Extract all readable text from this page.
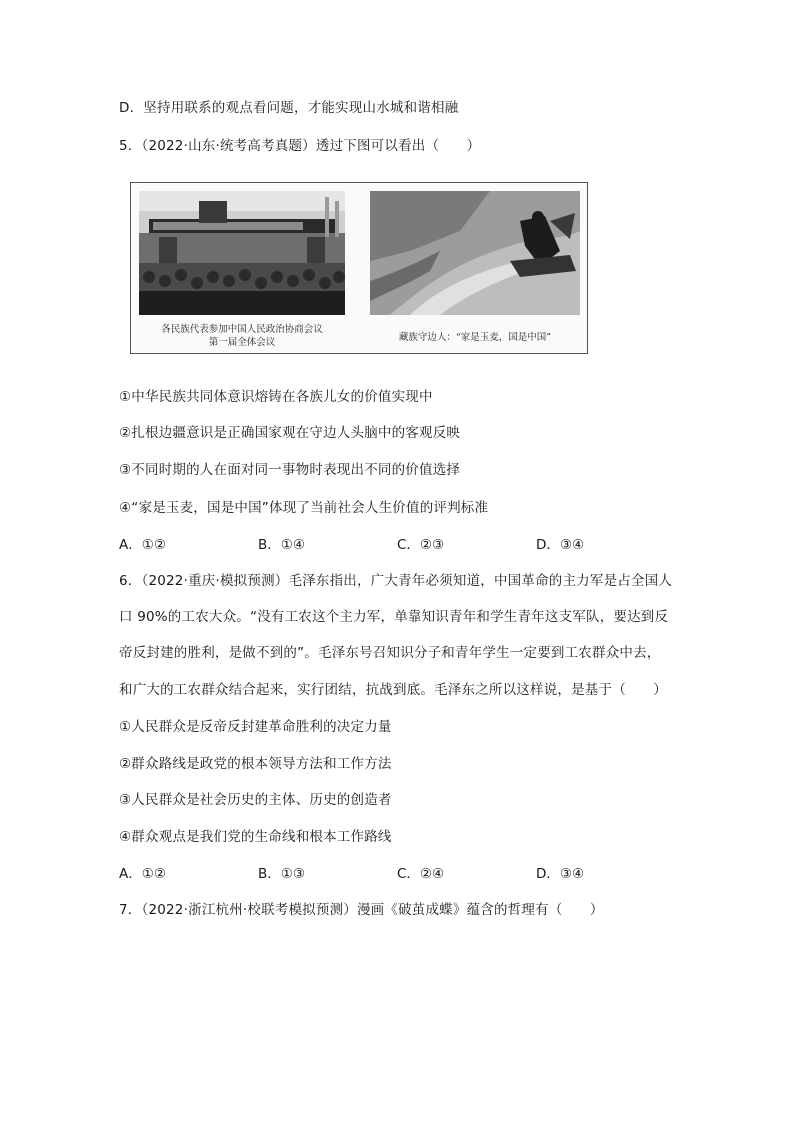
D．坚持用联系的观点看问题，才能实现山水城和谐相融
5．（2022·山东·统考高考真题）透过下图可以看出（　　）
各民族代表参加中国人民政治协商会议
第一届全体会议	藏族守边人：“家是玉麦，国是中国”
①中华民族共同体意识熔铸在各族儿女的价值实现中
②扎根边疆意识是正确国家观在守边人头脑中的客观反映
③不同时期的人在面对同一事物时表现出不同的价值选择
④“家是玉麦，国是中国”体现了当前社会人生价值的评判标准
A．①②	B．①④	C．②③	D．③④
6．（2022·重庆·模拟预测）毛泽东指出，广大青年必须知道，中国革命的主力军是占全国人
口 90%的工农大众。“没有工农这个主力军，单靠知识青年和学生青年这支军队，要达到反
帝反封建的胜利，是做不到的”。毛泽东号召知识分子和青年学生一定要到工农群众中去，
和广大的工农群众结合起来，实行团结，抗战到底。毛泽东之所以这样说，是基于（　　）
①人民群众是反帝反封建革命胜利的决定力量
②群众路线是政党的根本领导方法和工作方法
③人民群众是社会历史的主体、历史的创造者
④群众观点是我们党的生命线和根本工作路线
A．①②	B．①③	C．②④	D．③④
7．（2022·浙江杭州·校联考模拟预测）漫画《破茧成蝶》蕴含的哲理有（　　）
